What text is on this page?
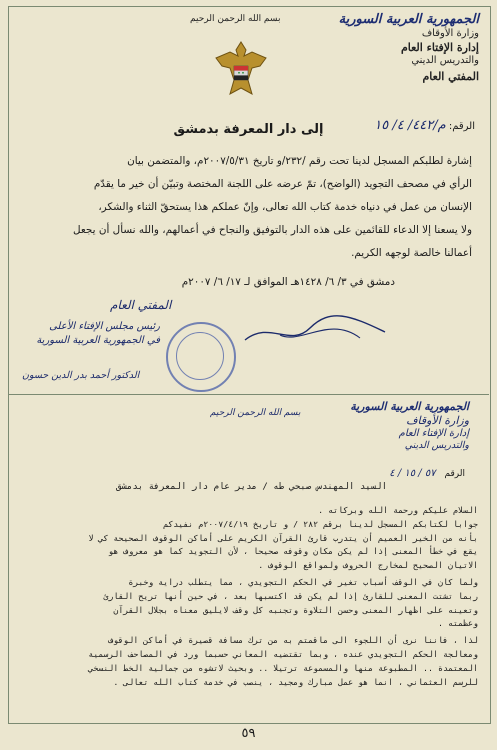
بسم الله الرحمن الرحيم	الجمهورية العربية السورية
وزارة الأوقاف
إدارة الإفتاء العام
والتدريس الديني
المفتي العام
الرقم: م/٤٤٢/ ٤/ ١٥
إلى دار المعرفة بدمشق
إشارة لطلبكم المسجل لدينا تحت رقم /٢٣٢/و تاريخ ٢٠٠٧/٥/٣١م، والمتضمن بيان
الرأي في مصحف التجويد (الواضح)، تمّ عرضه على اللجنة المختصة وتبيّن أن خير ما يقدّم
الإنسان من عمل في دنياه خدمة كتاب الله تعالى، وإنّ عملكم هذا يستحقّ الثناء والشكر،
ولا يسعنا إلا الدعاء للقائمين على هذه الدار بالتوفيق والنجاح في أعمالهم، والله نسأل أن يجعل
أعمالنا خالصة لوجهه الكريم.
دمشق في ٣/ ٦/ ١٤٢٨هـ الموافق لـ ١٧/ ٦/ ٢٠٠٧م
المفتي العام
رئيس مجلس الإفتاء الأعلى
في الجمهورية العربية السورية
الدكتور أحمد بدر الدين حسون
بسم الله الرحمن الرحيم	الجمهورية العربية السورية
وزارة الأوقاف
إدارة الإفتاء العام
والتدريس الديني
الرقم ٥٧ / ١٥ / ٤
السيد المهندس صبحي طه / مدير عام دار المعرفة بدمشق
السلام عليكم ورحمة الله وبركاته .
جوابا لكتابكم المسجل لدينا برقم ٢٨٢ / و تاريخ ٢٠٠٧/٤/١٩م نفيدكم
بأنه من الخير العميم أن يتدرب قارئ القرآن الكريم على أماكن الوقوف الصحيحة كي لا
يقع في خطأ المعنى إذا لم يكن مكان وقوفه صحيحا ، لأن التجويد كما هو معروف هو
الاتيان الصحيح لمخارج الحروف ولمواقع الوقوف .
ولما كان في الوقف أسباب تغير في الحكم التجويدي ، مما يتطلب دراية وخبرة
ربما تشتت المعنى للقارئ إذا لم يكن قد اكتسبها بعد ، في حين أنها تريح القارئ
وتعينه على اظهار المعنى وحسن التلاوة وتجنبه كل وقف لايليق معناه بجلال القرآن
وعظمته .
لذا ، فاننا نرى أن اللجوء الى ماقمتم به من ترك مسافة قصيرة في أماكن الوقوف
ومعالجة الحكم التجويدي عنده ، وبما تقتضيه المعاني حسبما ورد في المصاحف الرسمية
المعتمدة .. المطبوعة منها والمسموعة ترتيلا .. وبحيث لاتشوه من جمالية الخط النسخي
للرسم العثماني ، انما هو عمل مبارك ومجيد ، ينصب في خدمة كتاب الله تعالى .
٥٩
